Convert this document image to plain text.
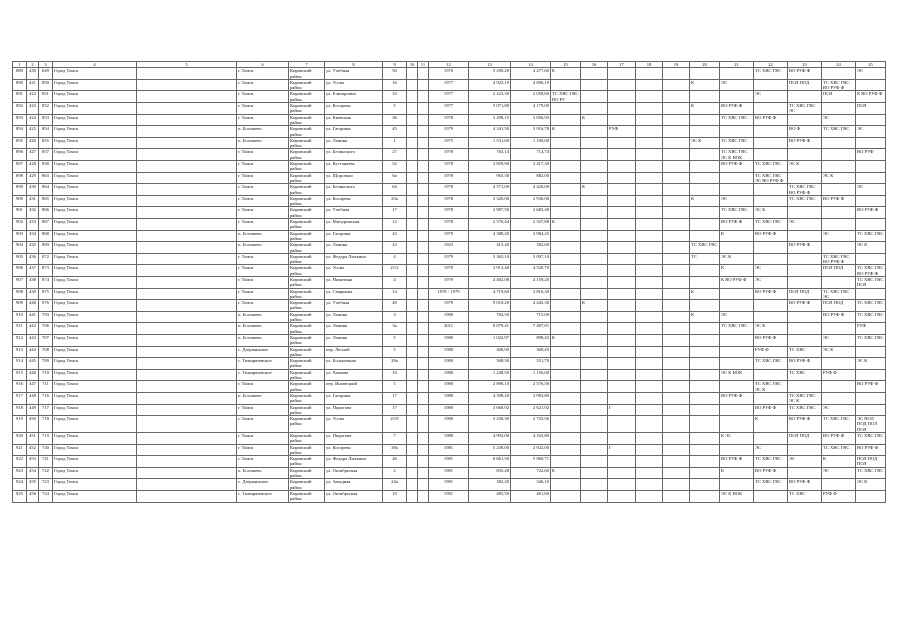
1	2	3	4	5	6	7	8	9	10	11	12	13	14	15	16	17	18	19	20	21	22	23	24	25
889	430	649	Город Томск		г. Томск	Кировский район	ул. Учебная	50			1976	5 290,20	4 277,60	К							ТС ХВС ГВС	ВО РУФ Ф		ЭС
890	421	850	Город Томск		г. Томск	Кировский район	ул. Усова	16			1977	4 923,10	4 096,10						К	ЭС		ПОЛ ПОД	ТС ХВС ГВС ВО РУФ Ф	
891	422	851	Город Томск		г. Томск	Кировский район	ул. Елизаровых	33			1977	2 223,30	2 058,60	ТС ХВС ГВС ВО РУ							ЭС		ПОЛ	К ВО РУФ Ф
892	423	852	Город Томск		г. Томск	Кировский район	ул. Косарева	5			1977	5 071,80	4 179,00						К	ВО РУФ Ф		ТС ХВС ГВС ЭС		ПОЛ
893	424	853	Город Томск		г. Томск	Кировский район	ул. Киевская	36			1978	3 298,15	3 056,95		К					ТС ХВС ГВС	ВО РУФ Ф		ЭС	
894	425	854	Город Томск		п. Богашево	Кировский район	ул. Гагарина	45			1979	4 341,50	3 916,78	К		РУФ						ВО Ф	ТС ХВС ГВС	ЭС
895	426	855	Город Томск		п. Богашево	Кировский район	ул. Ленина	1			1975	1 531,60	1 100,00						ЭС К	ТС ХВС ГВС		ВО РУФ Ф		
896	427	857	Город Томск		г. Томск	Кировский район	ул. Белинского	27			1978	763,14	714,74							ТС ХВС ГВС ЭС К НОК				ВО РУФ
897	428	858	Город Томск		г. Томск	Кировский район	ул. Кустанаева	52			1978	3 859,90	3 417,30							ВО РУФ Ф	ТС ХВС ГВС	ЭС К		
898	429	863	Город Томск		г. Томск	Кировский район	ул. Щорсенко	6а			1978	963,30	882,00								ТС ХВС ГВС ЭС ВО РУФ Ф		ЭС К	
899	430	864	Город Томск		г. Томск	Кировский район	ул. Белинского	64			1978	4 571,00	4 420,00		К							ТС ХВС ГВС ВО РУФ Ф		ЭС
900	431	865	Город Томск		г. Томск	Кировский район	ул. Косарева	29а			1978	3 320,00	2 936,00						К	ЭС		ТС ХВС ГВС	ВО РУФ Ф	
901	432	866	Город Томск		г. Томск	Кировский район	ул. Учебная	17			1978	2 987,50	2 683,40							ТС ХВС ГВС	ЭС К			ВО РУФ Ф
902	433	867	Город Томск		г. Томск	Кировский район	ул. Мичуринская	12			1978	2 576,44	2 337,88	К						ВО РУФ Ф	ТС ХВС ГВС	ЭС		
903	434	868	Город Томск		п. Богашево	Кировский район	ул. Гагарина	43			1979	4 388,20	3 984,25							К	ВО РУФ Ф		ЭС	ТС ХВС ГВС
904	435	869	Город Томск		п. Богашево	Кировский район	ул. Ленина	23			1923	415,40	382,60						ТС ХВС ГВС			ВО РУФ Ф		ЭС К
905	436	872	Город Томск		г. Томск	Кировский район	ул. Федора Лыткина	4			1979	3 365,10	3 097,10						ТС	ЭС К			ТС ХВС ГВС ВО РУФ Ф	
906	437	873	Город Томск		г. Томск	Кировский район	ул. Усова	21/2			1979	3 913,40	4 520,70							К	ЭС		ПОЛ ПОД	ТС ХВС ГВС ВО РУФ Ф
907	438	874	Город Томск		г. Томск	Кировский район	ул. Никитина	4			1979	4 402,08	4 159,20							К ВО РУФ Ф	ЭС			ТС ХВС ГВС ПОЛ
908	439	875	Город Томск		г. Томск	Кировский район	ул. Смирнова	14			1978 - 1979	4 719,60	3 816,30						К		ВО РУФ Ф	ПОЛ ПОД	ТС ХВС ГВС ЭС	
909	440	876	Город Томск		г. Томск	Кировский район	ул. Учебная	48			1979	9 018,20	4 445,30		К							ВО РУФ Ф	ПОЛ ПОД	ТС ХВС ГВС
910	441	703	Город Томск		п. Богашево	Кировский район	ул. Ленина	3			1980	704,50	715,00						К	ЭС			ВО РУФ Ф	ТС ХВС ГВС
911	442	706	Город Томск		п. Богашево	Кировский район	ул. Ленина	3а			2011	8 079,41	7 407,81							ТС ХВС ГВС	ЭС К			РУФ
912	443	707	Город Томск		п. Богашево	Кировский район	ул. Ленина	5			1980	1 022,97	898,43	К							ВО РУФ Ф		ЭС	ТС ХВС ГВС
913	444	708	Город Томск		с. Дзержинское	Кировский район	пер. Лесной	5			1980	406,90	369,45								РУФ Ф	ТС ХВС	ЭС К	
914	445	709	Город Томск		с. Тимирязевское	Кировский район	ул. Больничная	28а			1980	568,30	551,70								ТС ХВС ГВС	ВО РУФ Ф		ЭС К
915	446	710	Город Томск		с. Тимирязевское	Кировский район	ул. Чапаева	10			1980	1 248,50	1 156,00							ЭС К НОК		ТС ХВС	РУФ Ф	
916	447	711	Город Томск		г. Томск	Кировский район	пер. Иновецкий	5			1980	2 896,10	2 576,50								ТС ХВС ГВС ЭС К			ВО РУФ Ф
917	448	716	Город Томск		п. Богашево	Кировский район	ул. Гагарина	17			1980	4 398,20	3 983,80							ВО РУФ Ф		ТС ХВС ГВС ЭС К		
918	449	717	Город Томск		г. Томск	Кировский район	ул. Пирогова	17			1980	3 668,92	2 621,92			Г					ВО РУФ Ф	ТС ХВС ГВС	ЭС	
919	450	718	Город Томск		г. Томск	Кировский район	ул. Усова	21/9			1980	3 230,30	2 725,56								К	ВО РУФ Ф	ТС ХВС ГВС	ЭС ПОЛ ПОД ПОЛ ПОЛ
920	451	719	Город Томск		г. Томск	Кировский район	ул. Пирогова	7			1980	4 992,00	4 165,80							К ЭС		ПОЛ ПОД	ВО РУФ Ф	ТС ХВС ГВС
921	452	720	Город Томск		г. Томск	Кировский район	ул. Косарева	38а			1981	5 238,00	2 922,00			Г					ЭС		ТС ХВС ГВС	ВО РУФ Ф
922	453	721	Город Томск		г. Томск	Кировский район	ул. Федора Лыткина	26			1981	6 661,50	5 960,71							ВО РУФ Ф	ТС ХВС ГВС	ЭС	К	ПОЛ ПОД ПОЛ
923	454	722	Город Томск		п. Богашево	Кировский район	ул. Октябрьская	2			1981	835,48	722,60	К						К	ВО РУФ Ф		ЭС	ТС ХВС ГВС
924	455	723	Город Томск		с. Дзержинское	Кировский район	ул. Западная	24а			1981	382,20	346,10								ТС ХВС ГВС	ВО РУФ Ф		ЭС К
925	456	724	Город Томск		с. Тимирязевское	Кировский район	ул. Октябрьская	19			1981	485,50	461,60							ЭС К НОК		ТС ХВС	РУФ Ф	
